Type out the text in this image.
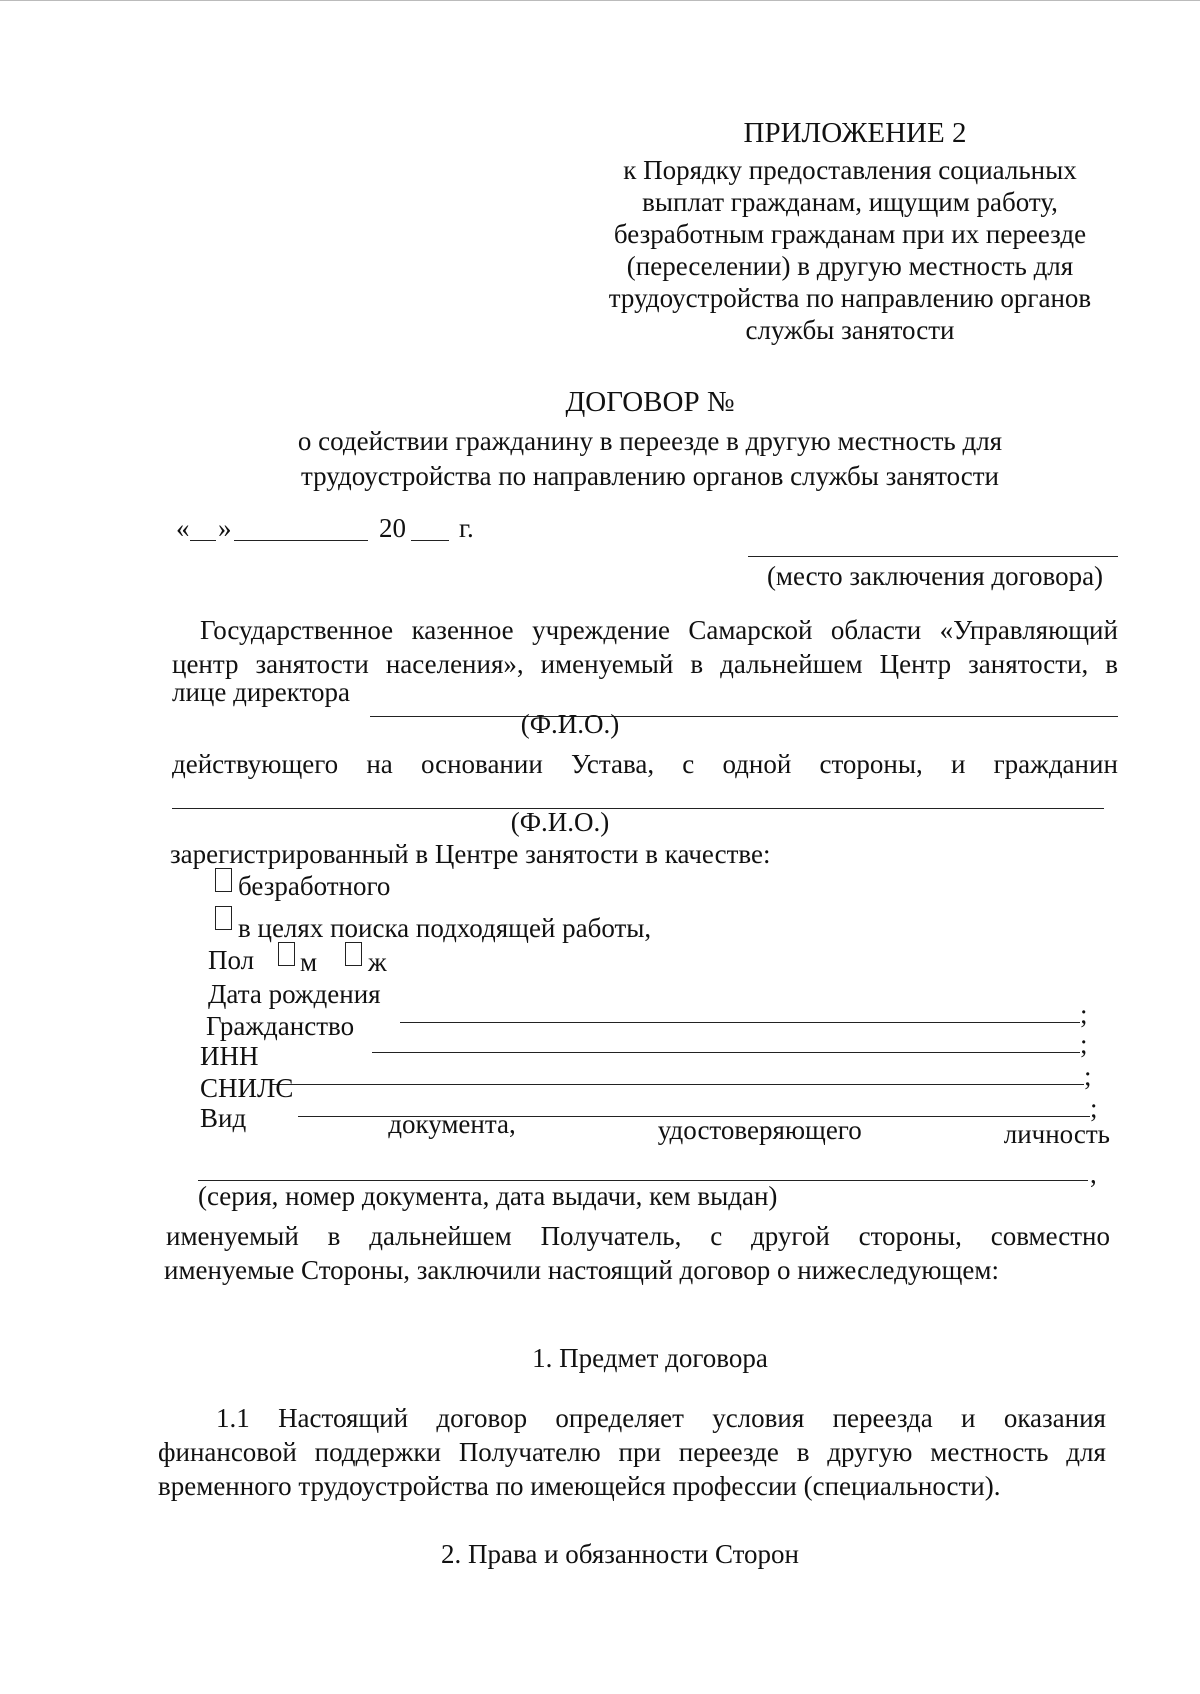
ПРИЛОЖЕНИЕ 2
к Порядку предоставления социальных
выплат гражданам, ищущим работу,
безработным гражданам при их переезде
(переселении) в другую местность для
трудоустройства по направлению органов
службы занятости
ДОГОВОР №
о содействии гражданину в переезде в другую местность для
трудоустройства по направлению органов службы занятости
« »	20 г.
(место заключения договора)
Государственное казенное учреждение Самарской области «Управляющий
центр занятости населения», именуемый в дальнейшем Центр занятости, в
лице директора
(Ф.И.О.)
действующего на основании Устава, с одной стороны, и гражданин
(Ф.И.О.)
зарегистрированный в Центре занятости в качестве:
безработного
в целях поиска подходящей работы,
Пол м ж
Дата рождения
;
Гражданство
;
ИНН
;
СНИЛС
;
Вид	документа,	удостоверяющего	личность
,
(серия, номер документа, дата выдачи, кем выдан)
именуемый в дальнейшем Получатель, с другой стороны, совместно
именуемые Стороны, заключили настоящий договор о нижеследующем:
1. Предмет договора
1.1 Настоящий договор определяет условия переезда и оказания
финансовой поддержки Получателю при переезде в другую местность для
временного трудоустройства по имеющейся профессии (специальности).
2. Права и обязанности Сторон
